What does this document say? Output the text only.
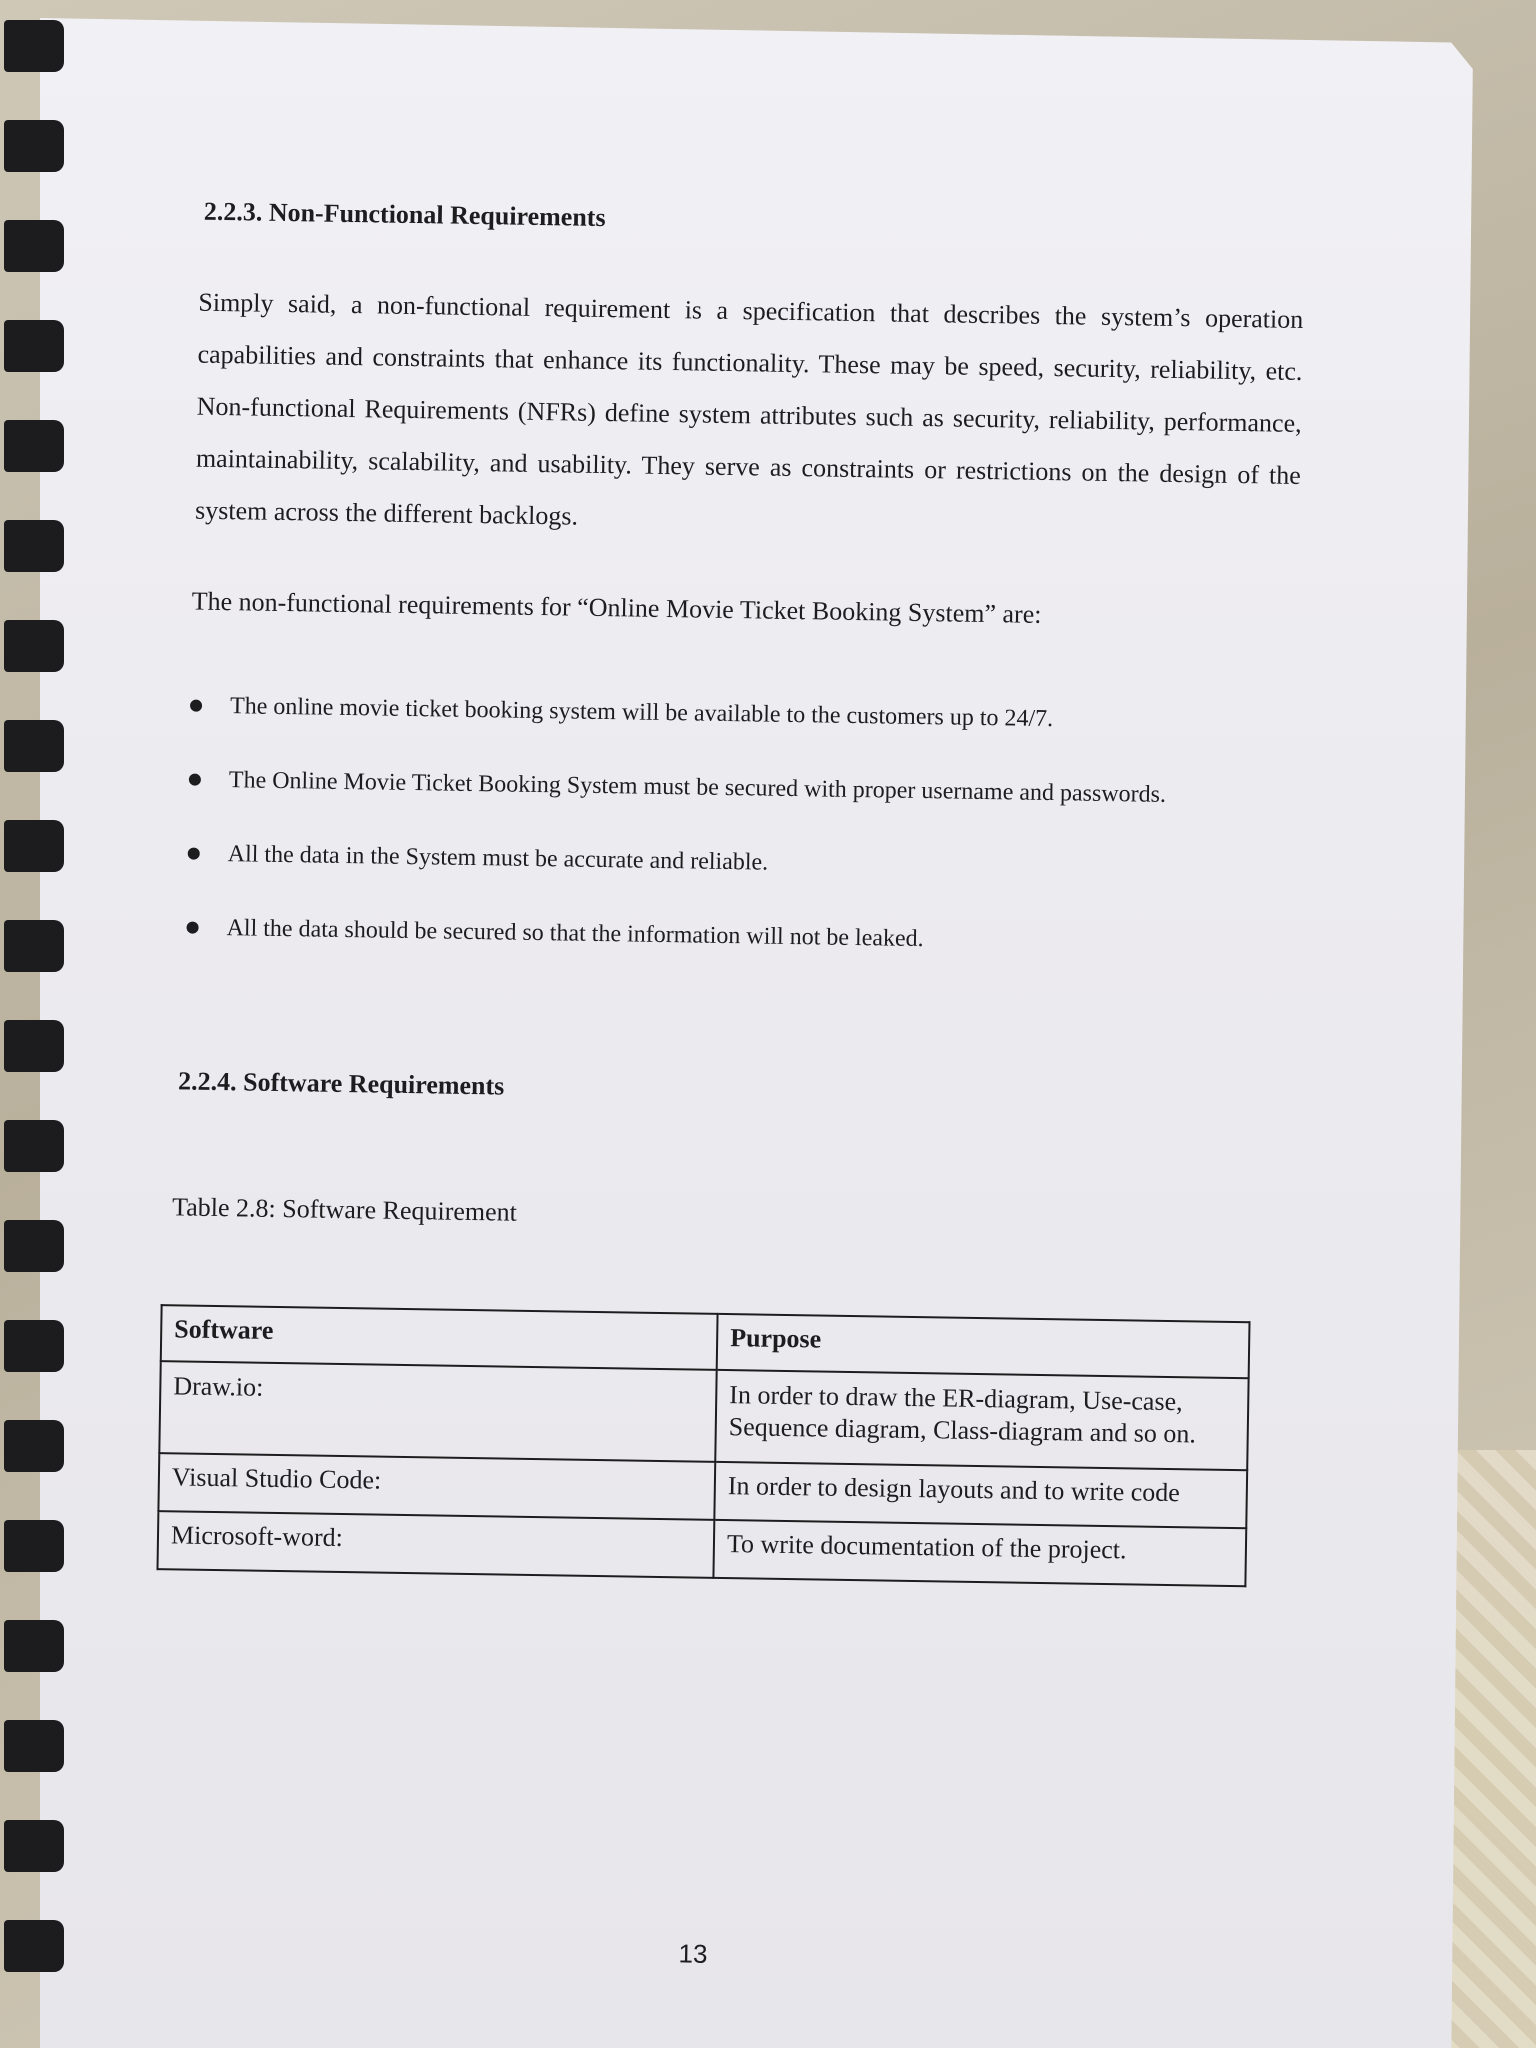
2.2.3. Non-Functional Requirements
Simply said, a non-functional requirement is a specification that describes the system’s operation capabilities and constraints that enhance its functionality. These may be speed, security, reliability, etc. Non-functional Requirements (NFRs) define system attributes such as security, reliability, performance, maintainability, scalability, and usability. They serve as constraints or restrictions on the design of the system across the different backlogs.
The non-functional requirements for “Online Movie Ticket Booking System” are:
The online movie ticket booking system will be available to the customers up to 24/7.
The Online Movie Ticket Booking System must be secured with proper username and passwords.
All the data in the System must be accurate and reliable.
All the data should be secured so that the information will not be leaked.
2.2.4. Software Requirements
Table 2.8: Software Requirement
Software	Purpose
Draw.io:	In order to draw the ER-diagram, Use-case, Sequence diagram, Class-diagram and so on.
Visual Studio Code:	In order to design layouts and to write code
Microsoft-word:	To write documentation of the project.
13
